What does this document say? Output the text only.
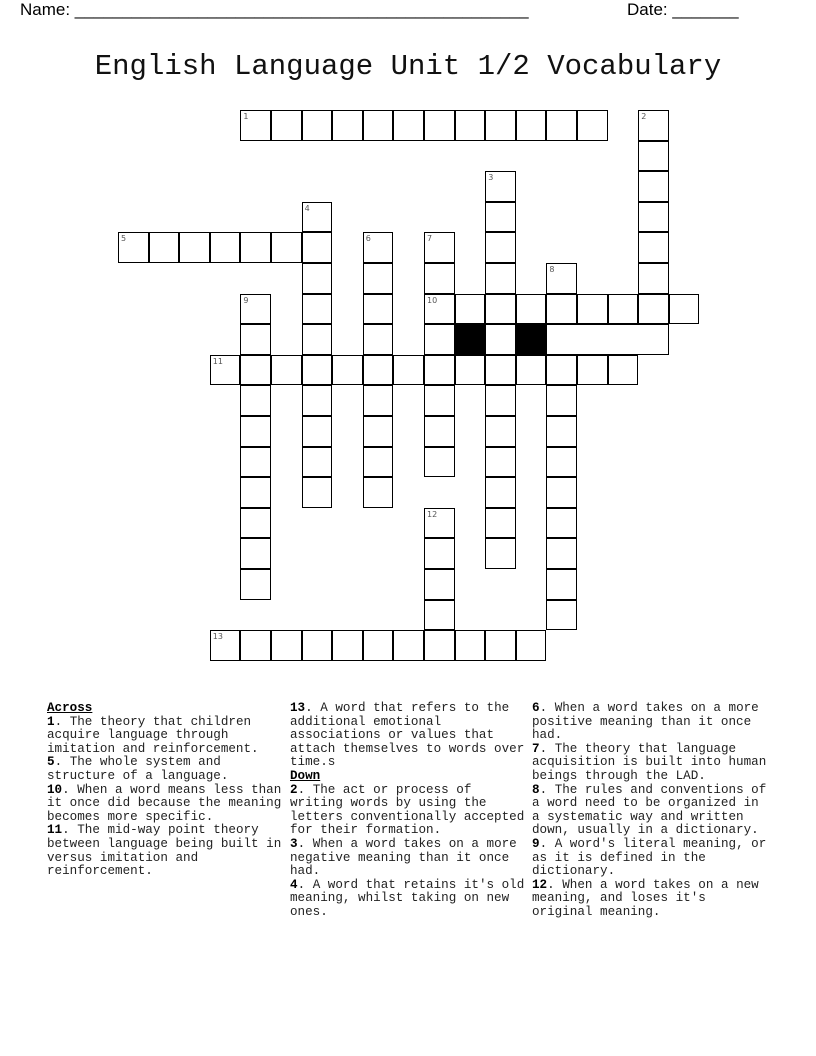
Name: ________________________________________________	Date: _______
English Language Unit 1/2 Vocabulary
1	2
3
4
5	6	7
10
8
9
11
12
13
Across

1. The theory that children acquire language through imitation and reinforcement.

5. The whole system and structure of a language.

10. When a word means less than it once did because the meaning becomes more specific.

11. The mid-way point theory between language being built in versus imitation and reinforcement.

13. A word that refers to the additional emotional associations or values that attach themselves to words over time.s

Down

2. The act or process of writing words by using the letters conventionally accepted for their formation.

3. When a word takes on a more negative meaning than it once had.

4. A word that retains it's old meaning, whilst taking on new ones.

6. When a word takes on a more positive meaning than it once had.

7. The theory that language acquisition is built into human beings through the LAD.

8. The rules and conventions of a word need to be organized in a systematic way and written down, usually in a dictionary.

9. A word's literal meaning, or as it is defined in the dictionary.

12. When a word takes on a new meaning, and loses it's original meaning.
